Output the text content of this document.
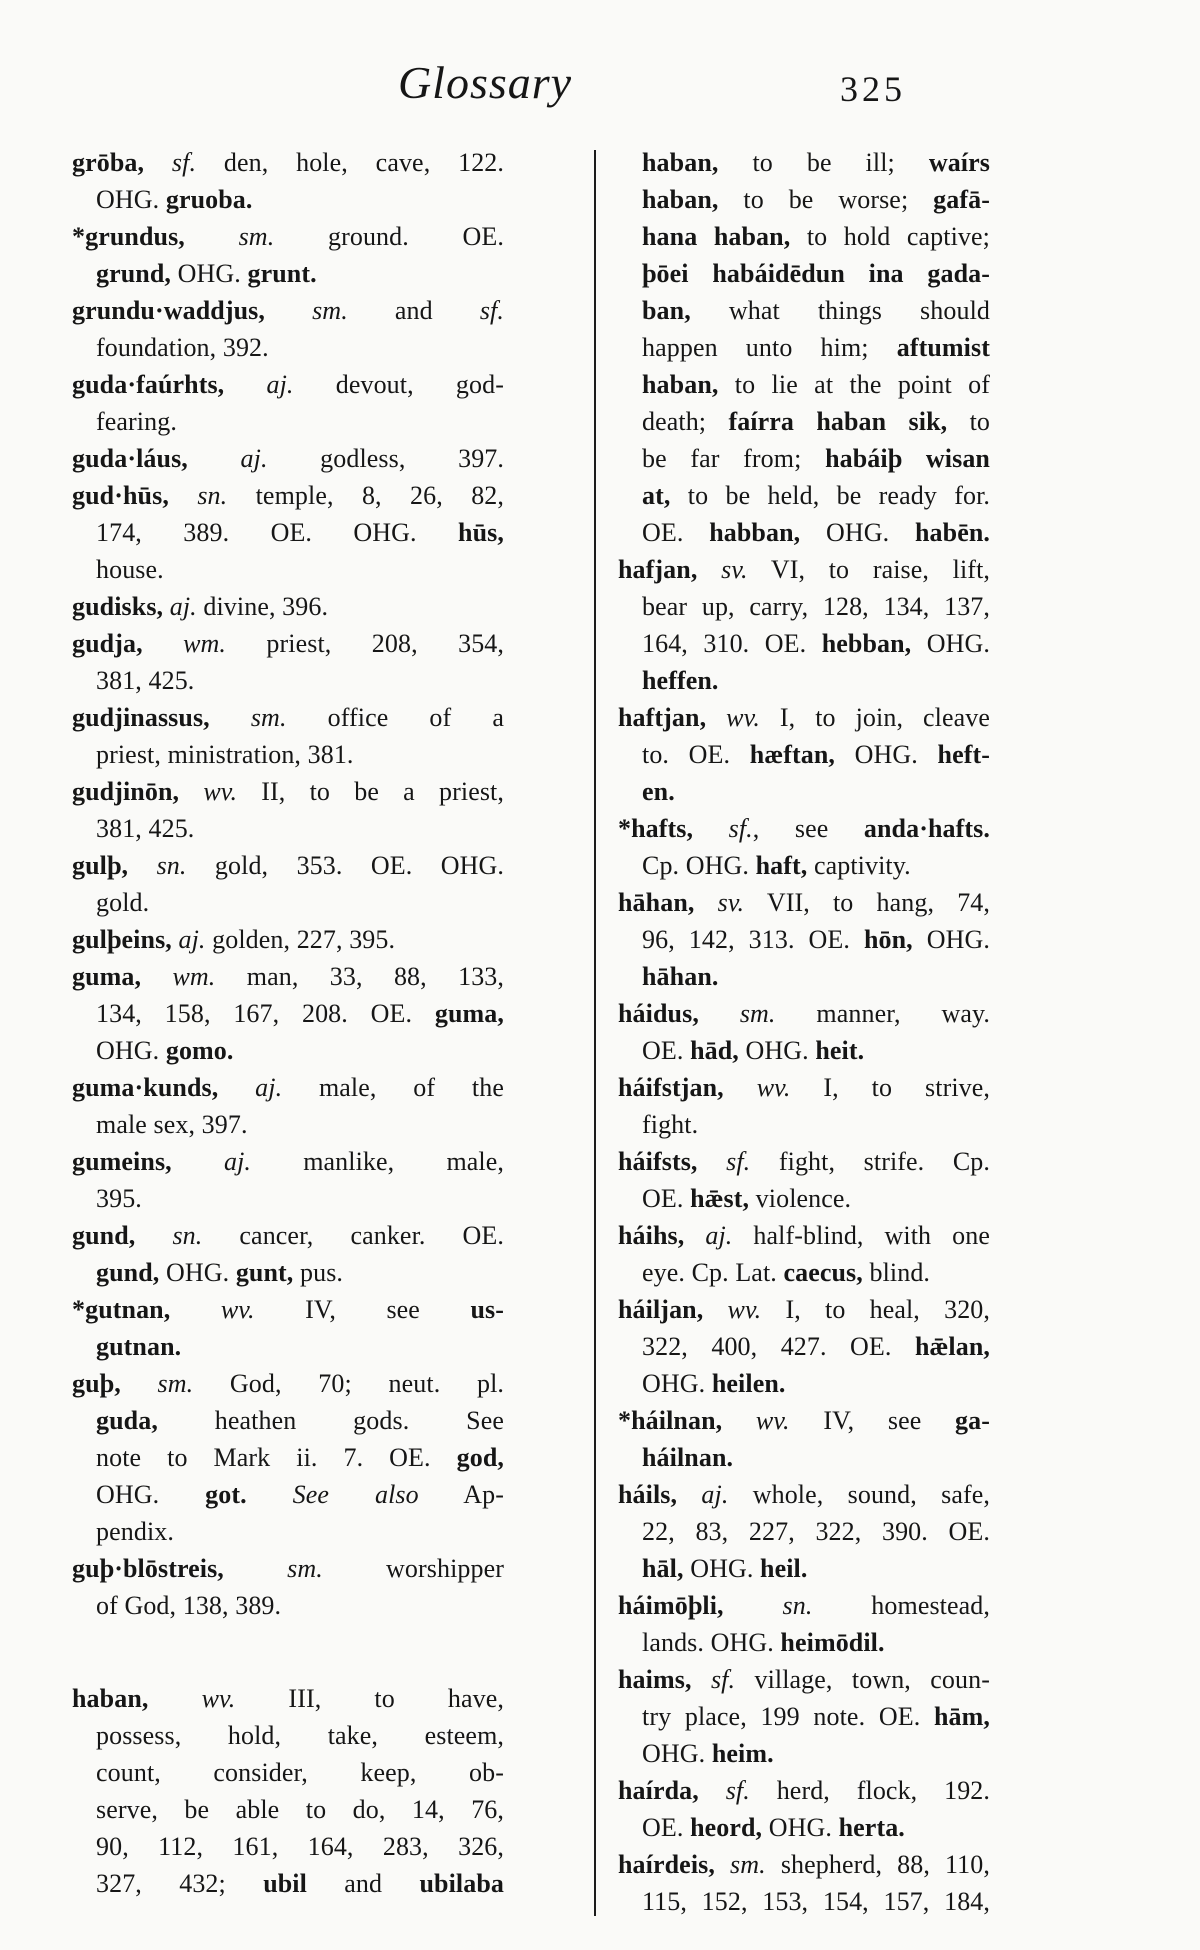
Glossary	325
grōba, sf. den, hole, cave, 122.
OHG. gruoba.
*grundus, sm. ground. OE.
grund, OHG. grunt.
grundu·waddjus, sm. and sf.
foundation, 392.
guda·faúrhts, aj. devout, god-
fearing.
guda·láus, aj. godless, 397.
gud·hūs, sn. temple, 8, 26, 82,
174, 389. OE. OHG. hūs,
house.
gudisks, aj. divine, 396.
gudja, wm. priest, 208, 354,
381, 425.
gudjinassus, sm. office of a
priest, ministration, 381.
gudjinōn, wv. II, to be a priest,
381, 425.
gulþ, sn. gold, 353. OE. OHG.
gold.
gulþeins, aj. golden, 227, 395.
guma, wm. man, 33, 88, 133,
134, 158, 167, 208. OE. guma,
OHG. gomo.
guma·kunds, aj. male, of the
male sex, 397.
gumeins, aj. manlike, male,
395.
gund, sn. cancer, canker. OE.
gund, OHG. gunt, pus.
*gutnan, wv. IV, see us-
gutnan.
guþ, sm. God, 70; neut. pl.
guda, heathen gods. See
note to Mark ii. 7. OE. god,
OHG. got. See also Ap-
pendix.
guþ·blōstreis, sm. worshipper
of God, 138, 389.
haban, wv. III, to have,
possess, hold, take, esteem,
count, consider, keep, ob-
serve, be able to do, 14, 76,
90, 112, 161, 164, 283, 326,
327, 432; ubil and ubilaba
haban, to be ill; waírs
haban, to be worse; gafā-
hana haban, to hold captive;
þōei habáidēdun ina gada-
ban, what things should
happen unto him; aftumist
haban, to lie at the point of
death; faírra haban sik, to
be far from; habáiþ wisan
at, to be held, be ready for.
OE. habban, OHG. habēn.
hafjan, sv. VI, to raise, lift,
bear up, carry, 128, 134, 137,
164, 310. OE. hebban, OHG.
heffen.
haftjan, wv. I, to join, cleave
to. OE. hæftan, OHG. heft-
en.
*hafts, sf., see anda·hafts.
Cp. OHG. haft, captivity.
hāhan, sv. VII, to hang, 74,
96, 142, 313. OE. hōn, OHG.
hāhan.
háidus, sm. manner, way.
OE. hād, OHG. heit.
háifstjan, wv. I, to strive,
fight.
háifsts, sf. fight, strife. Cp.
OE. hǣst, violence.
háihs, aj. half-blind, with one
eye. Cp. Lat. caecus, blind.
háiljan, wv. I, to heal, 320,
322, 400, 427. OE. hǣlan,
OHG. heilen.
*háilnan, wv. IV, see ga-
háilnan.
háils, aj. whole, sound, safe,
22, 83, 227, 322, 390. OE.
hāl, OHG. heil.
háimōþli, sn. homestead,
lands. OHG. heimōdil.
haims, sf. village, town, coun-
try place, 199 note. OE. hām,
OHG. heim.
haírda, sf. herd, flock, 192.
OE. heord, OHG. herta.
haírdeis, sm. shepherd, 88, 110,
115, 152, 153, 154, 157, 184,
